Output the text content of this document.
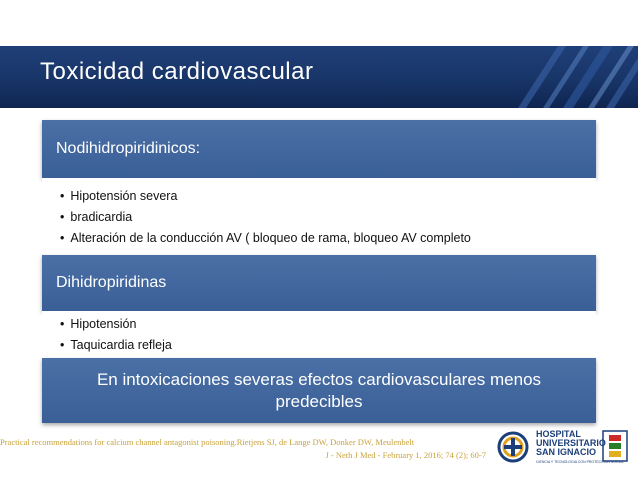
Toxicidad cardiovascular
Nodihidropiridinicos:
• Hipotensión severa
• bradicardia
• Alteración de la conducción AV ( bloqueo de rama, bloqueo AV completo
Dihidropiridinas
• Hipotensión
• Taquicardia refleja
En intoxicaciones severas efectos cardiovasculares menos predecibles
Practical recommendations for calcium channel antagonist poisoning.Rietjens SJ, de Lange DW, Donker DW, Meulenbelt
J - Neth J Med - February 1, 2016; 74 (2); 60-7
HOSPITAL
UNIVERSITARIO
SAN IGNACIO
CIENCIA Y TECNOLOGIA CON PROTECCION SOCIAL
